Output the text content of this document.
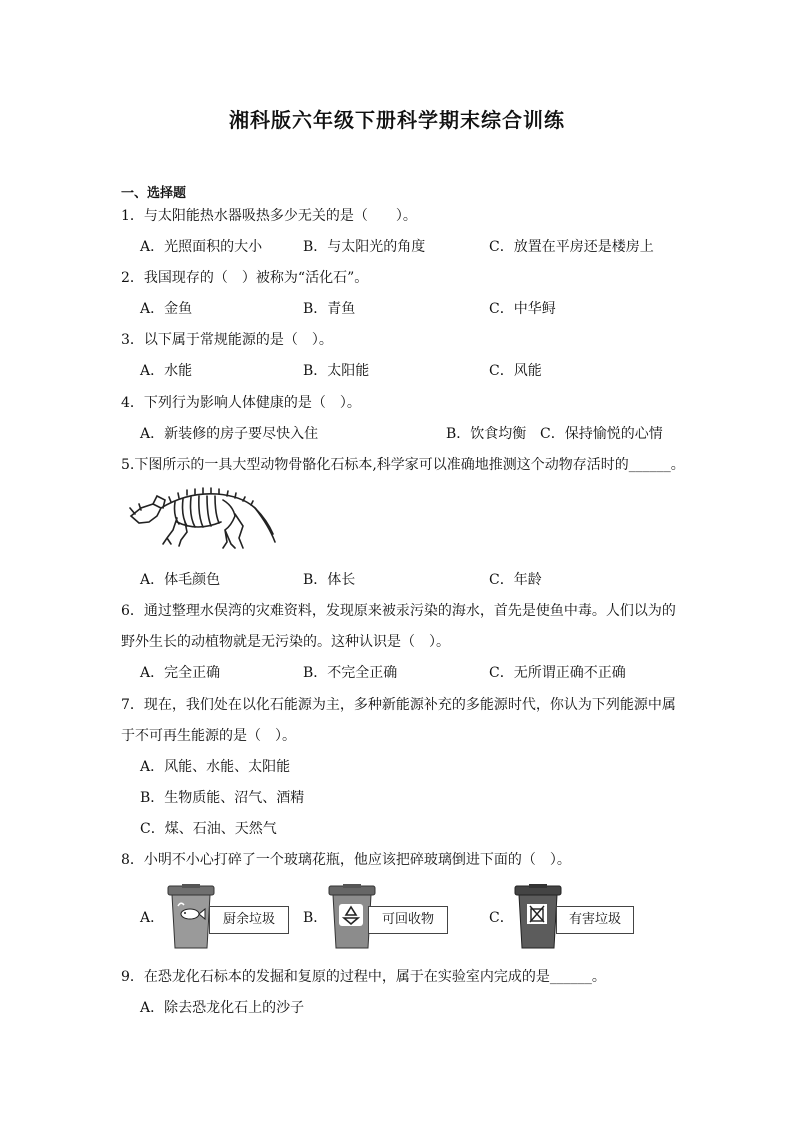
湘科版六年级下册科学期末综合训练
一、选择题
1．与太阳能热水器吸热多少无关的是（　　）。
A．光照面积的大小	B．与太阳光的角度	C．放置在平房还是楼房上
2．我国现存的（　）被称为“活化石”。
A．金鱼	B．青鱼	C．中华鲟
3．以下属于常规能源的是（　）。
A．水能	B．太阳能	C．风能
4．下列行为影响人体健康的是（　）。
A．新装修的房子要尽快入住	B．饮食均衡 C．保持愉悦的心情
5.下图所示的一具大型动物骨骼化石标本,科学家可以准确地推测这个动物存活时的______。
A．体毛颜色	B．体长	C．年龄
6．通过整理水俣湾的灾难资料，发现原来被汞污染的海水，首先是使鱼中毒。人们以为的
野外生长的动植物就是无污染的。这种认识是（　）。
A．完全正确	B．不完全正确	C．无所谓正确不正确
7．现在，我们处在以化石能源为主，多种新能源补充的多能源时代，你认为下列能源中属
于不可再生能源的是（　）。
A．风能、水能、太阳能
B．生物质能、沼气、酒精
C．煤、石油、天然气
8．小明不小心打碎了一个玻璃花瓶，他应该把碎玻璃倒进下面的（　）。
A．	B．	C．
厨余垃圾	可回收物	有害垃圾
9．在恐龙化石标本的发掘和复原的过程中，属于在实验室内完成的是______。
A．除去恐龙化石上的沙子
